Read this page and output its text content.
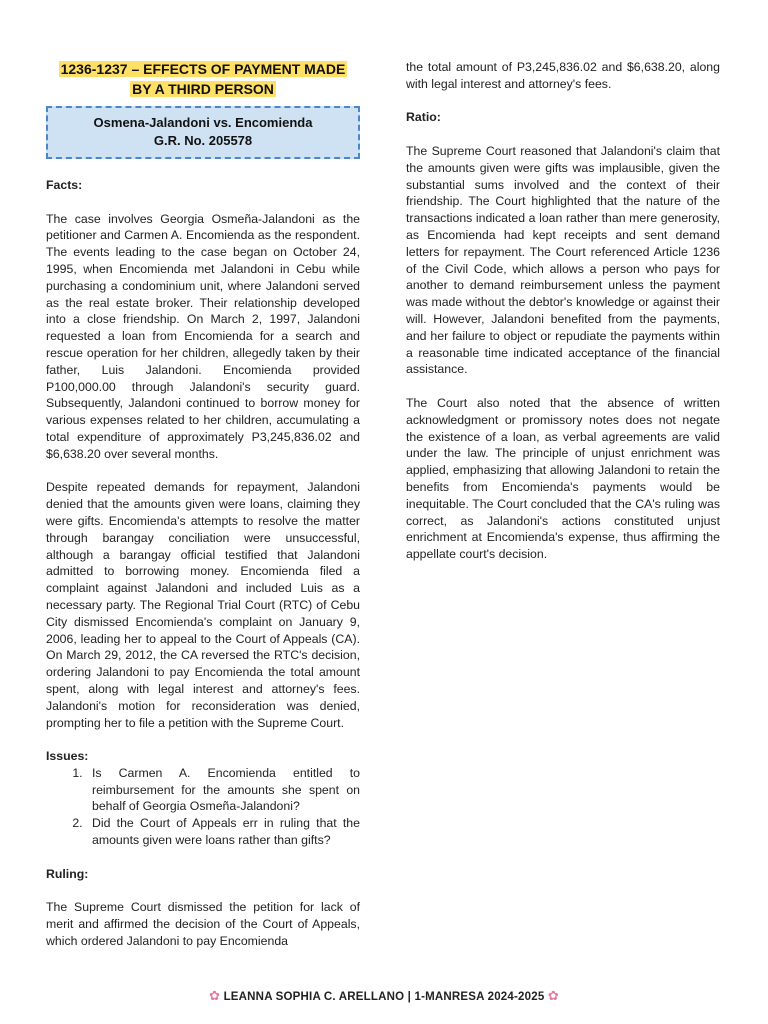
1236-1237 – EFFECTS OF PAYMENT MADE
BY A THIRD PERSON
Osmena-Jalandoni vs. Encomienda
G.R. No. 205578

Facts:

The case involves Georgia Osmeña-Jalandoni as the petitioner and Carmen A. Encomienda as the respondent. The events leading to the case began on October 24, 1995, when Encomienda met Jalandoni in Cebu while purchasing a condominium unit, where Jalandoni served as the real estate broker. Their relationship developed into a close friendship. On March 2, 1997, Jalandoni requested a loan from Encomienda for a search and rescue operation for her children, allegedly taken by their father, Luis Jalandoni. Encomienda provided P100,000.00 through Jalandoni's security guard. Subsequently, Jalandoni continued to borrow money for various expenses related to her children, accumulating a total expenditure of approximately P3,245,836.02 and $6,638.20 over several months.

Despite repeated demands for repayment, Jalandoni denied that the amounts given were loans, claiming they were gifts. Encomienda's attempts to resolve the matter through barangay conciliation were unsuccessful, although a barangay official testified that Jalandoni admitted to borrowing money. Encomienda filed a complaint against Jalandoni and included Luis as a necessary party. The Regional Trial Court (RTC) of Cebu City dismissed Encomienda's complaint on January 9, 2006, leading her to appeal to the Court of Appeals (CA). On March 29, 2012, the CA reversed the RTC's decision, ordering Jalandoni to pay Encomienda the total amount spent, along with legal interest and attorney's fees. Jalandoni's motion for reconsideration was denied, prompting her to file a petition with the Supreme Court.

Issues:

1. Is Carmen A. Encomienda entitled to reimbursement for the amounts she spent on behalf of Georgia Osmeña-Jalandoni?
2. Did the Court of Appeals err in ruling that the amounts given were loans rather than gifts?

Ruling:

The Supreme Court dismissed the petition for lack of merit and affirmed the decision of the Court of Appeals, which ordered Jalandoni to pay Encomienda

the total amount of P3,245,836.02 and $6,638.20, along with legal interest and attorney's fees.

Ratio:

The Supreme Court reasoned that Jalandoni's claim that the amounts given were gifts was implausible, given the substantial sums involved and the context of their friendship. The Court highlighted that the nature of the transactions indicated a loan rather than mere generosity, as Encomienda had kept receipts and sent demand letters for repayment. The Court referenced Article 1236 of the Civil Code, which allows a person who pays for another to demand reimbursement unless the payment was made without the debtor's knowledge or against their will. However, Jalandoni benefited from the payments, and her failure to object or repudiate the payments within a reasonable time indicated acceptance of the financial assistance.

The Court also noted that the absence of written acknowledgment or promissory notes does not negate the existence of a loan, as verbal agreements are valid under the law. The principle of unjust enrichment was applied, emphasizing that allowing Jalandoni to retain the benefits from Encomienda's payments would be inequitable. The Court concluded that the CA's ruling was correct, as Jalandoni's actions constituted unjust enrichment at Encomienda's expense, thus affirming the appellate court's decision.

✿ LEANNA SOPHIA C. ARELLANO | 1-MANRESA 2024-2025 ✿
